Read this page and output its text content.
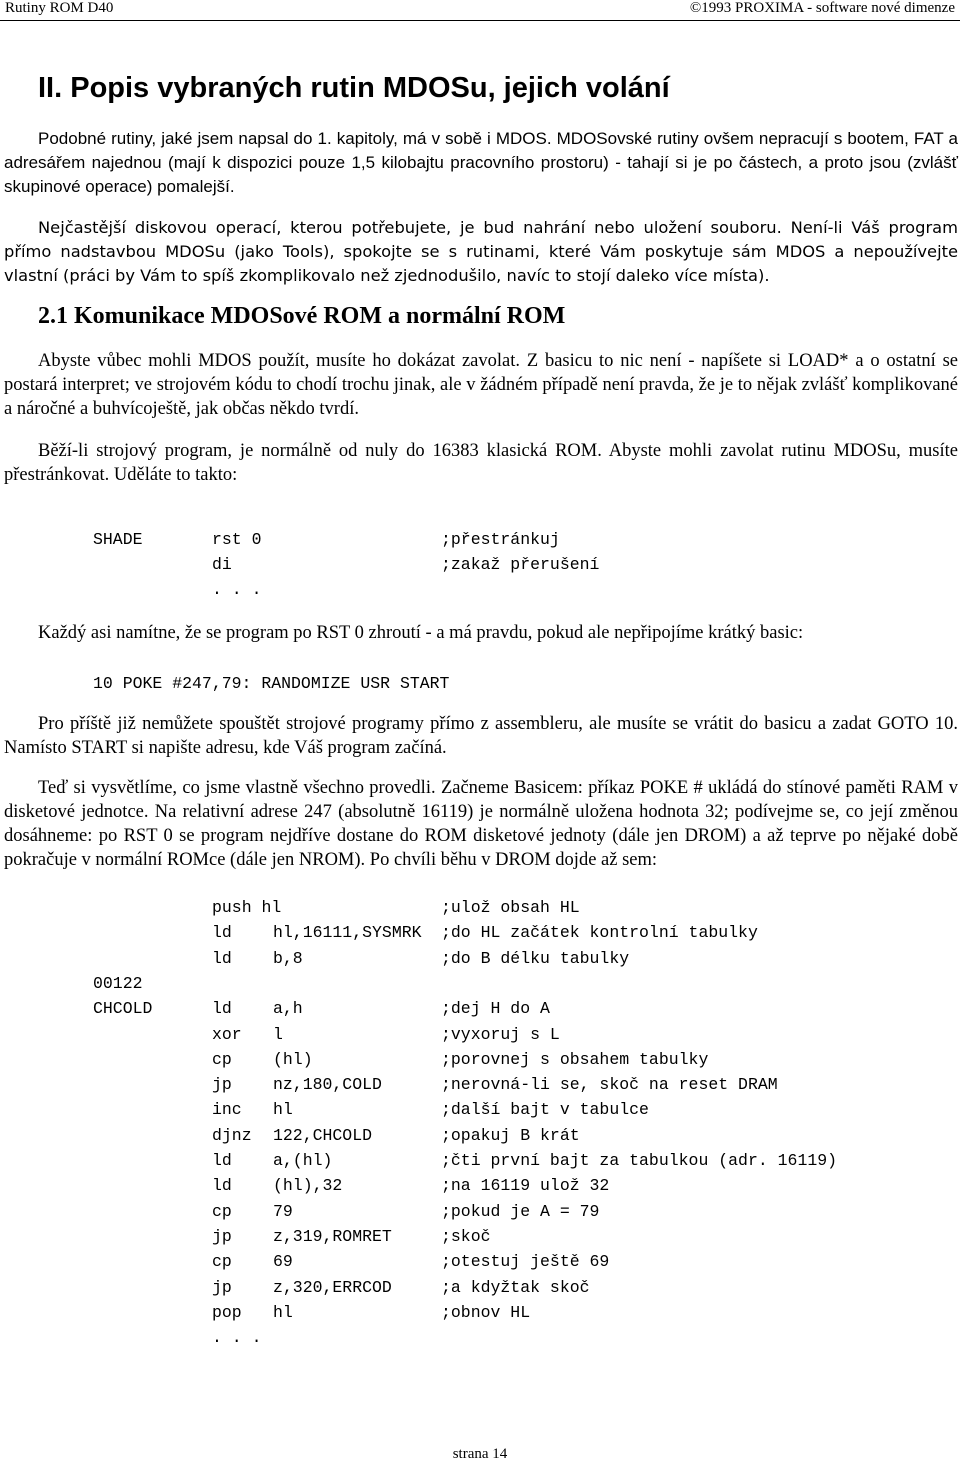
Rutiny ROM D40	©1993 PROXIMA - software nové dimenze
II. Popis vybraných rutin MDOSu, jejich volání

Podobné rutiny, jaké jsem napsal do 1. kapitoly, má v sobě i MDOS. MDOSovské rutiny ovšem nepracují s bootem, FAT a adresářem najednou (mají k dispozici pouze 1,5 kilobajtu pracovního prostoru) - tahají si je po částech, a proto jsou (zvlášť skupinové operace) pomalejší.

Nejčastější diskovou operací, kterou potřebujete, je bud nahrání nebo uložení souboru. Není-li Váš program přímo nadstavbou MDOSu (jako Tools), spokojte se s rutinami, které Vám poskytuje sám MDOS a nepoužívejte vlastní (práci by Vám to spíš zkomplikovalo než zjednodušilo, navíc to stojí daleko více místa).

2.1 Komunikace MDOSové ROM a normální ROM

Abyste vůbec mohli MDOS použít, musíte ho dokázat zavolat. Z basicu to nic není - napíšete si LOAD* a o ostatní se postará interpret; ve strojovém kódu to chodí trochu jinak, ale v žádném případě není pravda, že je to nějak zvlášť komplikované a náročné a buhvícoještě, jak občas někdo tvrdí.

Běží-li strojový program, je normálně od nuly do 16383 klasická ROM. Abyste mohli zavolat rutinu MDOSu, musíte přestránkovat. Uděláte to takto:

SHADE	rst 0	;přestránkuj
di	;zakaž přerušení
. . .

Každý asi namítne, že se program po RST 0 zhroutí - a má pravdu, pokud ale nepřipojíme krátký basic:

10 POKE #247,79: RANDOMIZE USR START

Pro příště již nemůžete spouštět strojové programy přímo z assembleru, ale musíte se vrátit do basicu a zadat GOTO 10. Namísto START si napište adresu, kde Váš program začíná.

Teď si vysvětlíme, co jsme vlastně všechno provedli. Začneme Basicem: příkaz POKE # ukládá do stínové paměti RAM v disketové jednotce. Na relativní adrese 247 (absolutně 16119) je normálně uložena hodnota 32; podívejme se, co její změnou dosáhneme: po RST 0 se program nejdříve dostane do ROM disketové jednoty (dále jen DROM) a až teprve po nějaké době pokračuje v normální ROMce (dále jen NROM). Po chvíli běhu v DROM dojde až sem:

push hl	;ulož obsah HL
ld hl,16111,SYSMRK ;do HL začátek kontrolní tabulky
ld b,8	;do B délku tabulky
00122
CHCOLD	ld a,h	;dej H do A
xor l	;vyxoruj s L
cp (hl)	;porovnej s obsahem tabulky
jp nz,180,COLD	;nerovná-li se, skoč na reset DRAM
inc hl	;další bajt v tabulce
djnz 122,CHCOLD	;opakuj B krát
ld a,(hl)	;čti první bajt za tabulkou (adr. 16119)
ld (hl),32	;na 16119 ulož 32
cp 79	;pokud je A = 79
jp z,319,ROMRET	;skoč
cp 69	;otestuj ještě 69
jp z,320,ERRCOD	;a kdyžtak skoč
pop hl	;obnov HL
. . .
strana 14
